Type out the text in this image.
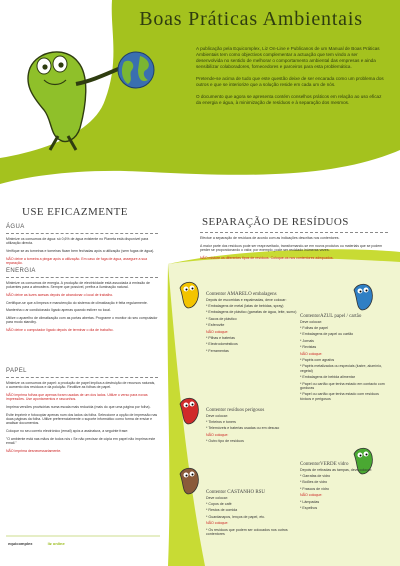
Boas Práticas Ambientais

A publicação pela Equicomplex, Liz On-Line e Publicanos de um Manual de Boas Práticas Ambientais tem como objectivos complementar a actuação que tem vindo a ser desenvolvida no sentido de melhorar o comportamento ambiental das empresas e ainda sensibilizar colaboradores, fornecedores e parceiros para esta problemática.

Pretende-se acima de tudo que este questão deixe de ser encarada como um problema dos outros e que se interiorize que a solução reside em cada um de nós.

O documento que agora se apresenta contém conselhos práticos em relação ao uso eficaz da energia e água, à minimização de resíduos e à separação dos mesmos.

USE EFICAZMENTE
ÁGUA

Minimize os consumos de água: só 0,6% de água existente no Planeta está disponível para utilização directa.

Verifique se as torneiras e tomeiras ficam bem fechadas após a utilização (sem fugas de água).

NÃO deixe a torneira a pingar após a utilização. Em caso de fuga de água, assegure a sua reparação.

ENERGIA

Minimize os consumos de energia. A produção de electricidade está associada à emissão de poluentes para a atmosfera. Sempre que possível, prefira a iluminação natural.

NÃO deixe as luzes acesas depois de abandonar o local de trabalho.

Certifique-se que a limpeza e manutenção do sistema de climatização é feita regularmente.

Mantenha o ar condicionado ligado apenas quando estiver no local.

Utilize o aparelho de climatização com as portas abertas. Programe o monitor do seu computador para modo standby.

NÃO deixe o computador ligado depois de terminar o dia de trabalho.

PAPEL

Minimize os consumos de papel: a produção de papel implica a destruição de recursos naturais, o aumento dos resíduos e da poluição. Reutilize as folhas de papel.

NÃO imprima folhas que apenas foram usadas de um dos lados. Utilize o verso para novas impressões. Use apontamentos e rascunhos.

Imprima versões provisórias numa escala mais reduzida (mais do que uma página por folha).

Evite imprimir e fotocopiar apenas num dos lados da folha. Seleccione a opção de impressão nas duas páginas da folha. Utilize preferencialmente o suporte informático como forma de enviar e analisar documentos.

Coloque no seu correio electrónico (email) após a assinatura, a seguinte frase:

"O ambiente está nas mãos de todos nós • Se não precisar de cópia em papel não imprima este email."

NÃO imprima desnecessariamente.

equicomplex	liz online
SEPARAÇÃO DE RESÍDUOS

Efectue a separação de resíduos de acordo com as indicações descritas nos contentores.

A maior parte dos resíduos pode ser reaproveitado, transformando-se em novos produtos ou materiais que se podem perder se proporcionando o valor, por exemplo, pode ser reciclado inúmeras vezes.

NÃO misture os diferentes tipos de resíduos. Coloque-os nos contentores adequados.

Contentor AMARELO embalagens

Depois de escorridas e espalmadas, deve colocar:

* Embalagens de metal (latas de bebidas, spray)

* Embalagens de plástico (garrafas de água, leite, sumo)

* Sacos de plástico

* Esferovite

NÃO coloque:

* Pilhas e baterias

* Electrodomésticos

* Ferramentas

ContentorAZUL papel / cartão

Deve colocar:

* Folhas de papel

* Embalagens de papel ou cartão

* Jornais

* Revistas

NÃO coloque:

* Papéis com agrafos

* Papéis metalizados ou especiais (lustre, alumínio, vegetal)

* Embalagens de bebida alimentar

* Papel ou cartão que tenha estado em contacto com gorduras

* Papel ou cartão que tenha estado com resíduos tóxicos e perigosos

Contentor resíduos perigosos

Deve colocar:

* Tinteiros e toners

* Telemóveis e baterias usadas ou em desuso

NÃO coloque:

* Outro tipo de resíduos

ContentorVERDE vidro

Depois de retiradas as tampas, deve colocar:

* Garrafas de vidro

* Boiões de vidro

* Frascos de vidro

NÃO coloque:

* Lâmpadas

* Espelhos

Contentor CASTANHO RSU

Deve colocar:

* Copos de café

* Restos de comida

* Guardanapos, lenços de papel, etc.

NÃO coloque:

* Os resíduos que podem ser colocados nos outros contentores
